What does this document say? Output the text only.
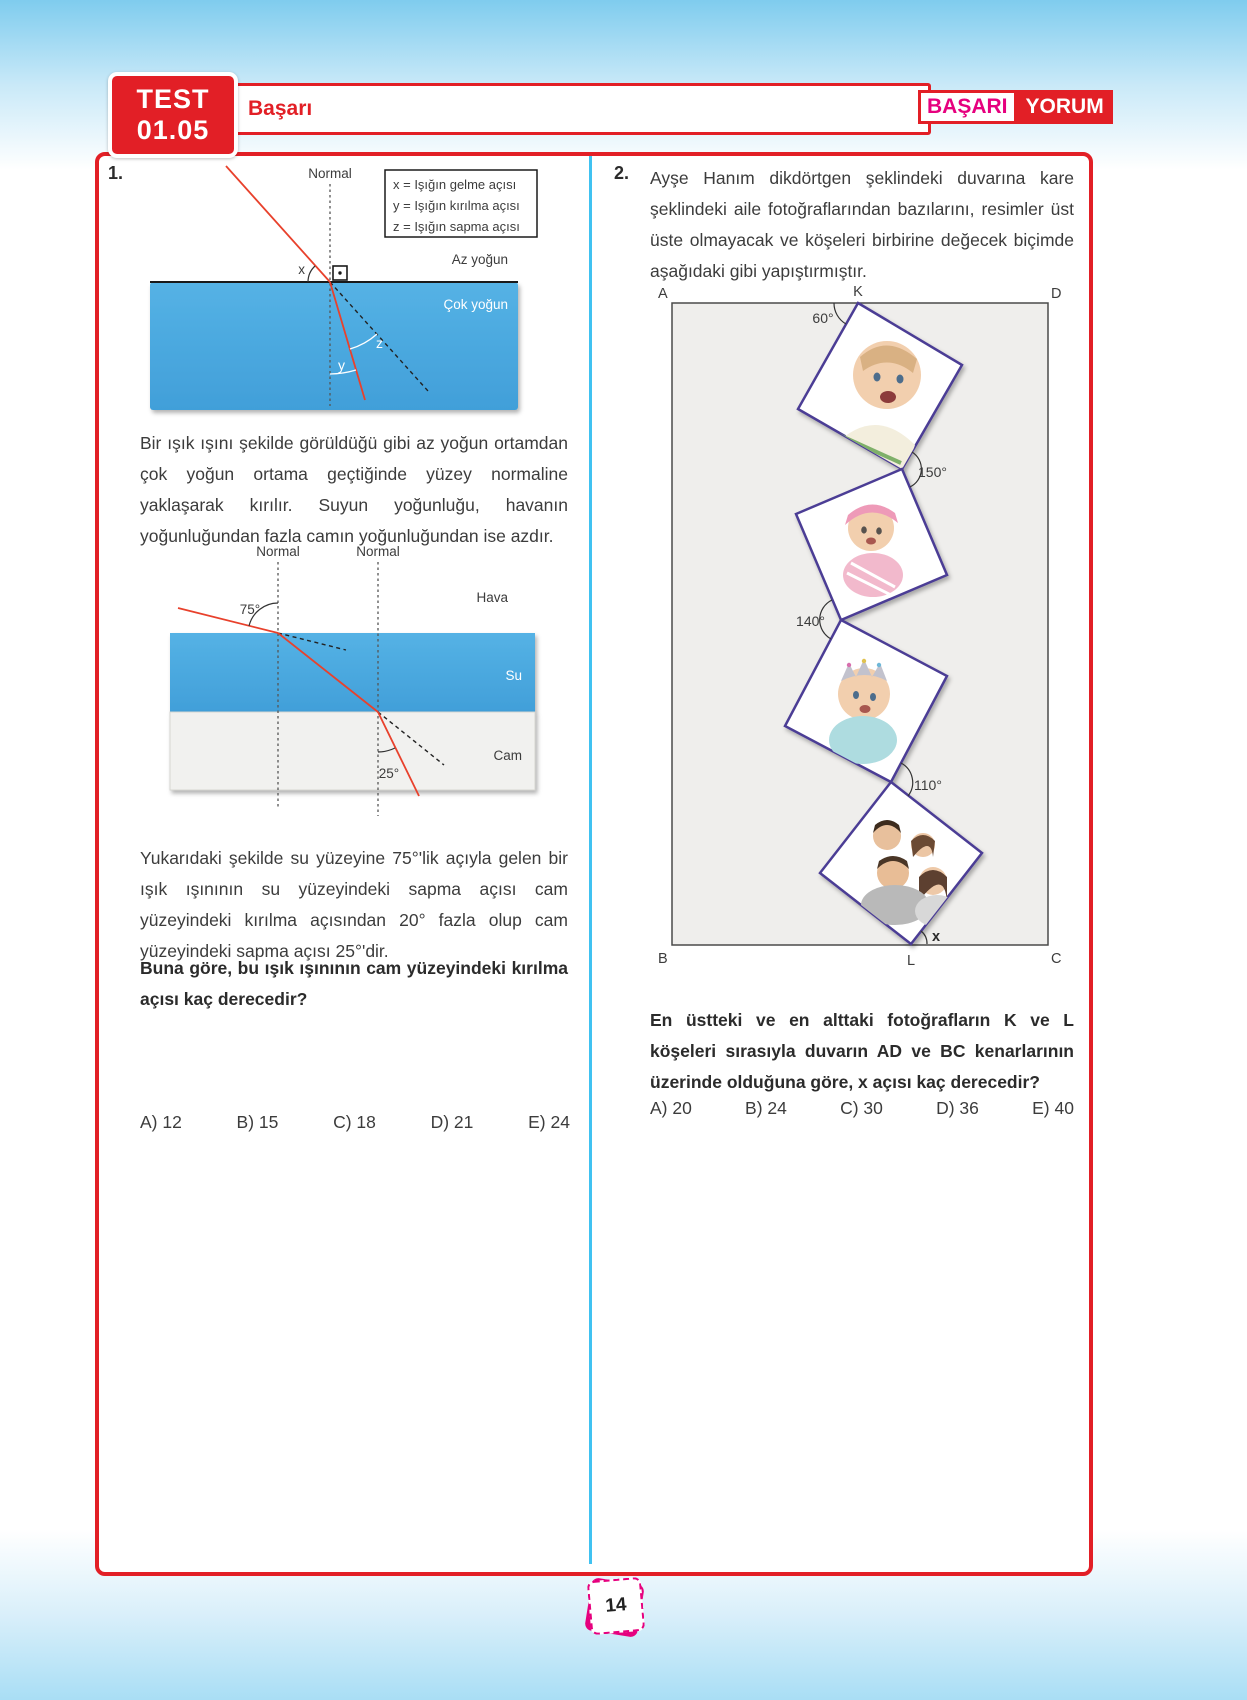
Başarı
TEST
01.05
BAŞARI YORUM
1.	Normal
x = Işığın gelme açısı
y = Işığın kırılma açısı
z = Işığın sapma açısı
Az yoğun
Çok yoğun
x
z
y
Bir ışık ışını şekilde görüldüğü gibi az yoğun ortamdan çok yoğun ortama geçtiğinde yüzey normaline yaklaşarak kırılır. Suyun yoğunluğu, havanın yoğunluğundan fazla camın yoğunluğundan ise azdır.
Normal	Normal
Hava
Su
Cam
75°
25°
Yukarıdaki şekilde su yüzeyine 75°'lik açıyla gelen bir ışık ışınının su yüzeyindeki sapma açısı cam yüzeyindeki kırılma açısından 20° fazla olup cam yüzeyindeki sapma açısı 25°'dir.
Buna göre, bu ışık ışınının cam yüzeyindeki kırılma açısı kaç derecedir?
A) 12	B) 15	C) 18	D) 21	E) 24
2. Ayşe Hanım dikdörtgen şeklindeki duvarına kare şeklindeki aile fotoğraflarından bazılarını, resimler üst üste olmayacak ve köşeleri birbirine değecek biçimde aşağıdaki gibi yapıştırmıştır.
A	K	D
B	L	C
60°
150°
140°
110°
x
En üstteki ve en alttaki fotoğrafların K ve L köşeleri sırasıyla duvarın AD ve BC kenarlarının üzerinde olduğuna göre, x açısı kaç derecedir?
A) 20	B) 24	C) 30	D) 36	E) 40
14
